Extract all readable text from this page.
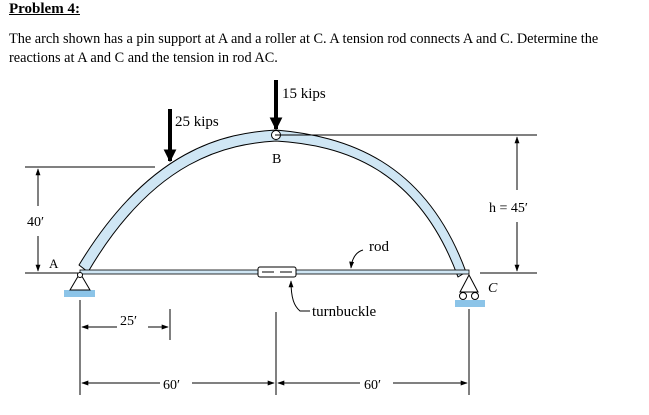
Problem 4:
The arch shown has a pin support at A and a roller at C. A tension rod connects A and C. Determine the reactions at A and C and the tension in rod AC.
15 kips
25 kips
B
A
C
40′
h = 45′
rod
turnbuckle
25′
60′	60′
